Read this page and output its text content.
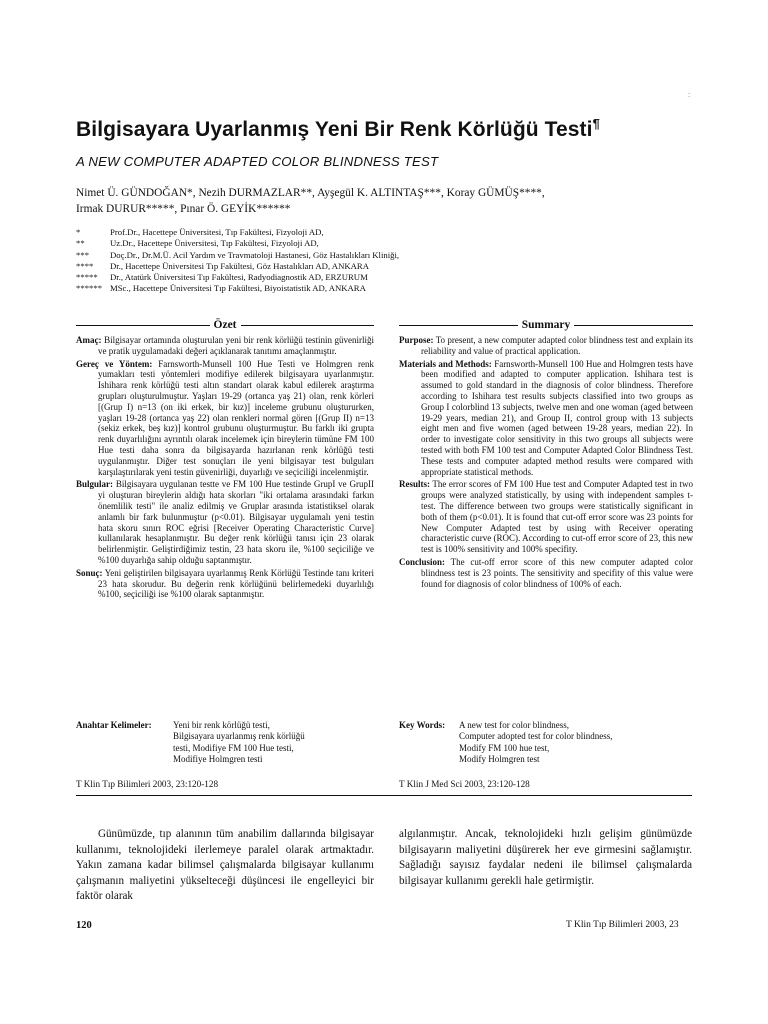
:
Bilgisayara Uyarlanmış Yeni Bir Renk Körlüğü Testi¶
A NEW COMPUTER ADAPTED COLOR BLINDNESS TEST
Nimet Ü. GÜNDOĞAN*, Nezih DURMAZLAR**, Ayşegül K. ALTINTAŞ***, Koray GÜMÜŞ****,
Irmak DURUR*****, Pınar Ö. GEYİK******
*	Prof.Dr., Hacettepe Üniversitesi, Tıp Fakültesi, Fizyoloji AD,
**	Uz.Dr., Hacettepe Üniversitesi, Tıp Fakültesi, Fizyoloji AD,
***	Doç.Dr., Dr.M.Ü. Acil Yardım ve Travmatoloji Hastanesi, Göz Hastalıkları Kliniği,
****	Dr., Hacettepe Üniversitesi Tıp Fakültesi, Göz Hastalıkları AD, ANKARA
*****	Dr., Atatürk Üniversitesi Tıp Fakültesi, Radyodiagnostik AD, ERZURUM
****** MSc., Hacettepe Üniversitesi Tıp Fakültesi, Biyoistatistik AD, ANKARA
Özet
Amaç: Bilgisayar ortamında oluşturulan yeni bir renk körlüğü testinin güvenirliği ve pratik uygulamadaki değeri açıklanarak tanıtımı amaçlanmıştır.
Gereç ve Yöntem: Farnsworth-Munsell 100 Hue Testi ve Holmgren renk yumakları testi yöntemleri modifiye edilerek bilgisayara uyarlanmıştır. Ishihara renk körlüğü testi altın standart olarak kabul edilerek araştırma grupları oluşturulmuştur. Yaşları 19-29 (ortanca yaş 21) olan, renk körleri [(Grup I) n=13 (on iki erkek, bir kız)] inceleme grubunu oluştururken, yaşları 19-28 (ortanca yaş 22) olan renkleri normal gören [(Grup II) n=13 (sekiz erkek, beş kız)] kontrol grubunu oluşturmuştur. Bu farklı iki grupta renk duyarlılığını ayrıntılı olarak incelemek için bireylerin tümüne FM 100 Hue testi daha sonra da bilgisayarda hazırlanan renk körlüğü testi uygulanmıştır. Diğer test sonuçları ile yeni bilgisayar test bulguları karşılaştırılarak yeni testin güvenirliği, duyarlığı ve seçiciliği incelenmiştir.
Bulgular: Bilgisayara uygulanan testte ve FM 100 Hue testinde GrupI ve GrupII yi oluşturan bireylerin aldığı hata skorları "iki ortalama arasındaki farkın önemlilik testi" ile analiz edilmiş ve Gruplar arasında istatistiksel olarak anlamlı bir fark bulunmuştur (p<0.01). Bilgisayar uygulamalı yeni testin hata skoru sınırı ROC eğrisi [Receiver Operating Characteristic Curve] kullanılarak hesaplanmıştır. Bu değer renk körlüğü tanısı için 23 olarak belirlenmiştir. Geliştirdiğimiz testin, 23 hata skoru ile, %100 seçiciliğe ve %100 duyarlığa sahip olduğu saptanmıştır.
Sonuç: Yeni geliştirilen bilgisayara uyarlanmış Renk Körlüğü Testinde tanı kriteri 23 hata skorudur. Bu değerin renk körlüğünü belirlemedeki duyarlılığı %100, seçiciliği ise %100 olarak saptanmıştır.
Summary
Purpose: To present, a new computer adapted color blindness test and explain its reliability and value of practical application.
Materials and Methods: Farnsworth-Munsell 100 Hue and Holmgren tests have been modified and adapted to computer application. Ishihara test is assumed to gold standard in the diagnosis of color blindness. Therefore according to Ishihara test results subjects classified into two groups as Group I colorblind 13 subjects, twelve men and one woman (aged between 19-29 years, median 21), and Group II, control group with 13 subjects eight men and five women (aged between 19-28 years, median 22). In order to investigate color sensitivity in this two groups all subjects were tested with both FM 100 test and Computer Adapted Color Blindness Test. These tests and computer adapted method results were compared with appropriate statistical methods.
Results: The error scores of FM 100 Hue test and Computer Adapted test in two groups were analyzed statistically, by using with independent samples t-test. The difference between two groups were statistically significant in both of them (p<0.01). It is found that cut-off error score was 23 points for New Computer Adapted test by using with Receiver operating characteristic curve (ROC). According to cut-off error score of 23, this new test is 100% sensitivity and 100% specifity.
Conclusion: The cut-off error score of this new computer adapted color blindness test is 23 points. The sensitivity and specifity of this value were found for diagnosis of color blindness of 100% of each.
Anahtar Kelimeler:	Yeni bir renk körlüğü testi,
Bilgisayara uyarlanmış renk körlüğü
testi, Modifiye FM 100 Hue testi,
Modifiye Holmgren testi
Key Words:	A new test for color blindness,
Computer adopted test for color blindness,
Modify FM 100 hue test,
Modify Holmgren test
T Klin Tıp Bilimleri 2003, 23:120-128	T Klin J Med Sci 2003, 23:120-128
Günümüzde, tıp alanının tüm anabilim dallarında bilgisayar kullanımı, teknolojideki ilerlemeye paralel olarak artmaktadır. Yakın zamana kadar bilimsel çalışmalarda bilgisayar kullanımı çalışmanın maliyetini yükselteceği düşüncesi ile engelleyici bir faktör olarak
algılanmıştır. Ancak, teknolojideki hızlı gelişim günümüzde bilgisayarın maliyetini düşürerek her eve girmesini sağlamıştır. Sağladığı sayısız faydalar nedeni ile bilimsel çalışmalarda bilgisayar kullanımı gerekli hale getirmiştir.
120	T Klin Tıp Bilimleri 2003, 23
